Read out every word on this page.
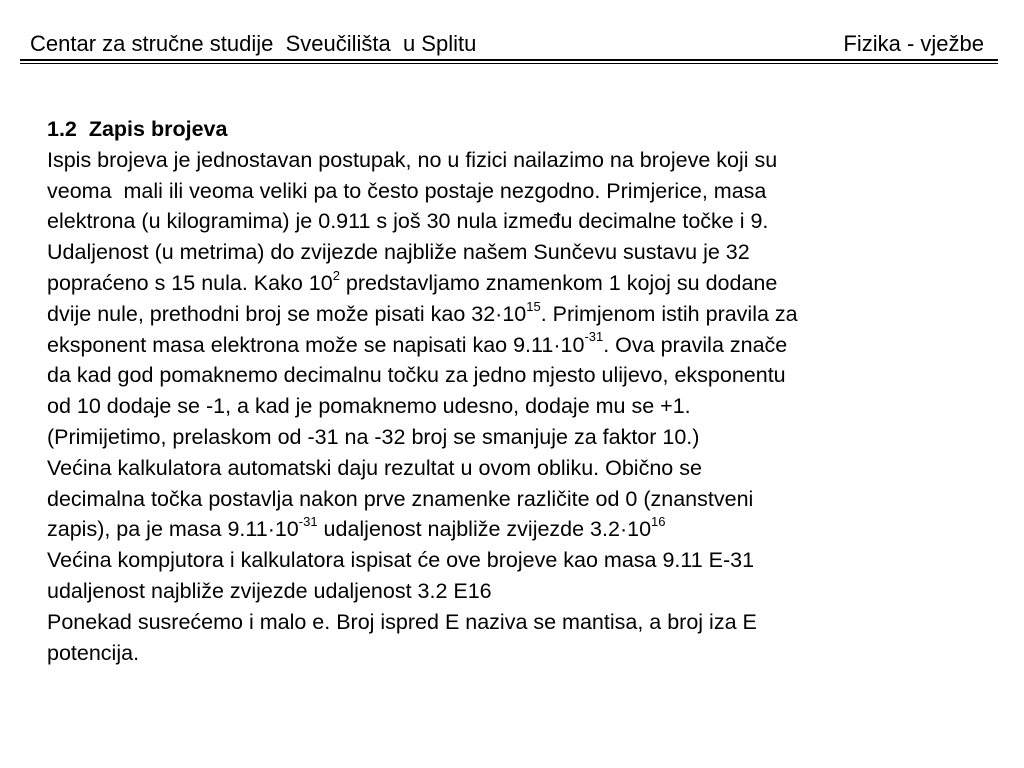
Centar za stručne studije  Sveučilišta  u Splitu	Fizika - vježbe

1.2  Zapis brojeva

Ispis brojeva je jednostavan postupak, no u fizici nailazimo na brojeve koji su
veoma  mali ili veoma veliki pa to često postaje nezgodno. Primjerice, masa
elektrona (u kilogramima) je 0.911 s još 30 nula između decimalne točke i 9.
Udaljenost (u metrima) do zvijezde najbliže našem Sunčevu sustavu je 32
popraćeno s 15 nula. Kako $10^2$ predstavljamo znamenkom 1 kojoj su dodane
dvije nule, prethodni broj se može pisati kao $32\cdot 10^{15}$. Primjenom istih pravila za
eksponent masa elektrona može se napisati kao $9.11\cdot 10^{-31}$. Ova pravila znače
da kad god pomaknemo decimalnu točku za jedno mjesto ulijevo, eksponentu
od 10 dodaje se -1, a kad je pomaknemo udesno, dodaje mu se +1.
(Primijetimo, prelaskom od -31 na -32 broj se smanjuje za faktor 10.)
Većina kalkulatora automatski daju rezultat u ovom obliku. Obično se
decimalna točka postavlja nakon prve znamenke različite od 0 (znanstveni
zapis), pa je masa $9.11\cdot 10^{-31}$ udaljenost najbliže zvijezde $3.2\cdot 10^{16}$
Većina kompjutora i kalkulatora ispisat će ove brojeve kao masa 9.11 E-31
udaljenost najbliže zvijezde udaljenost 3.2 E16
Ponekad susrećemo i malo e. Broj ispred E naziva se mantisa, a broj iza E
potencija.
